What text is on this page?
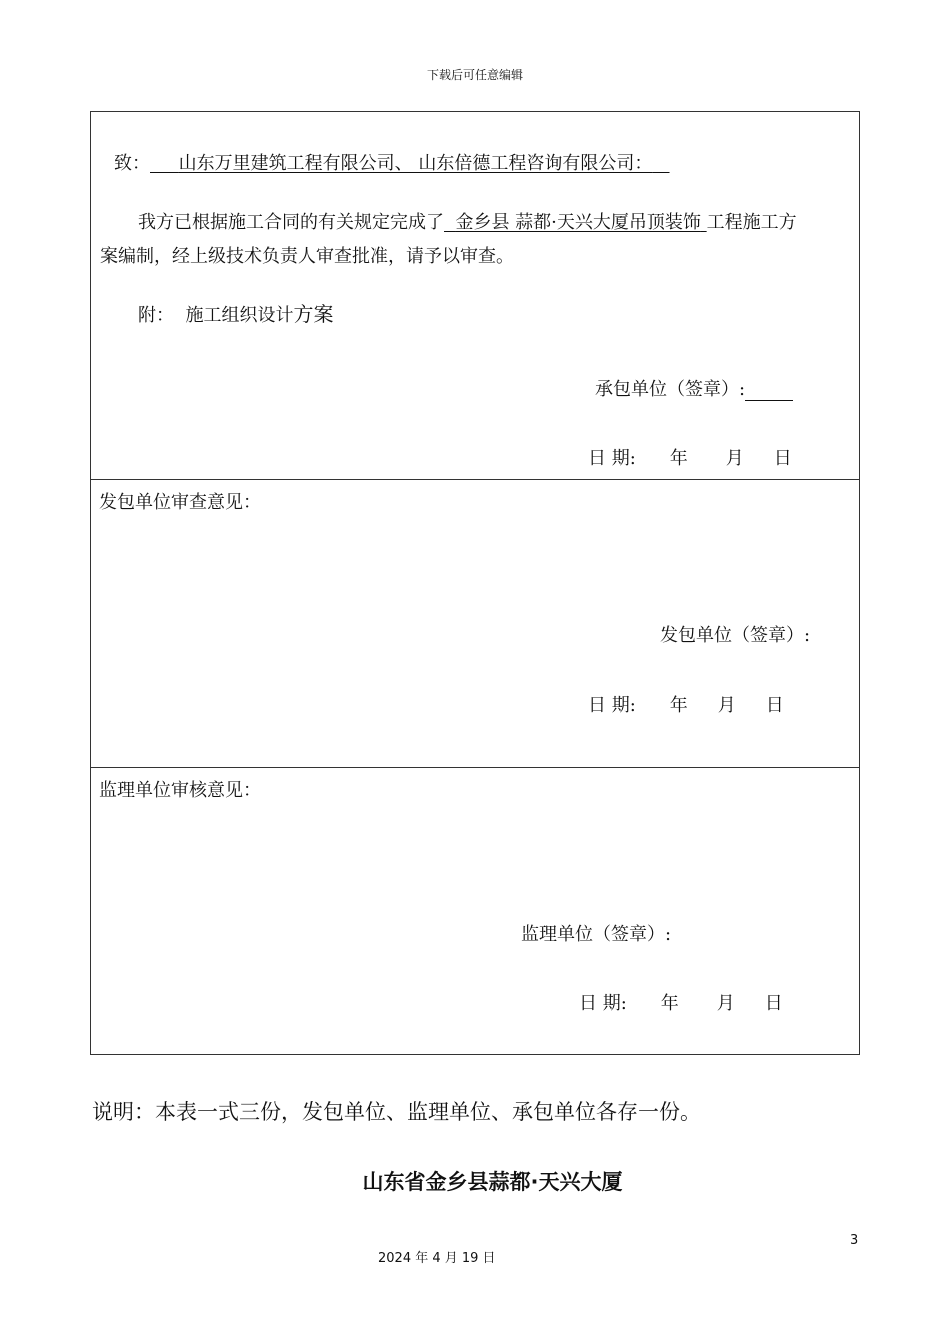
下载后可任意编辑
致： 山东万里建筑工程有限公司、 山东倍德工程咨询有限公司：
我方已根据施工合同的有关规定完成了 金乡县 蒜都·天兴大厦吊顶装饰 工程施工方
案编制，经上级技术负责人审查批准，请予以审查。
附： 施工组织设计方案
承包单位（签章）:
日 期: 年 月 日
发包单位审查意见：
发包单位（签章）:
日 期: 年 月 日
监理单位审核意见：
监理单位（签章）:
日 期: 年 月 日
说明：本表一式三份，发包单位、监理单位、承包单位各存一份。
山东省金乡县蒜都·天兴大厦
3
2024 年 4 月 19 日
